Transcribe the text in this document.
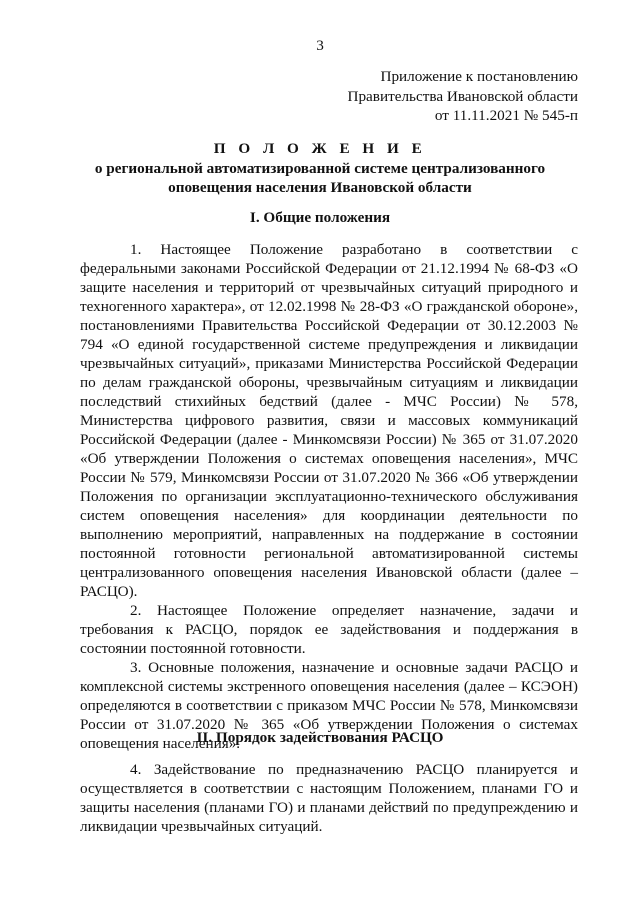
3
Приложение к постановлению
Правительства Ивановской области
от 11.11.2021 № 545-п
П О Л О Ж Е Н И Е
о региональной автоматизированной системе централизованного
оповещения населения Ивановской области
I. Общие положения

1. Настоящее Положение разработано в соответствии с федеральными законами Российской Федерации от 21.12.1994 № 68-ФЗ «О защите населения и территорий от чрезвычайных ситуаций природного и техногенного характера», от 12.02.1998 № 28-ФЗ «О гражданской обороне», постановлениями Правительства Российской Федерации от 30.12.2003 № 794 «О единой государственной системе предупреждения и ликвидации чрезвычайных ситуаций», приказами Министерства Российской Федерации по делам гражданской обороны, чрезвычайным ситуациям и ликвидации последствий стихийных бедствий (далее - МЧС России) № 578, Министерства цифрового развития, связи и массовых коммуникаций Российской Федерации (далее - Минкомсвязи России) № 365 от 31.07.2020 «Об утверждении Положения о системах оповещения населения», МЧС России № 579, Минкомсвязи России от 31.07.2020 № 366 «Об утверждении Положения по организации эксплуатационно-технического обслуживания систем оповещения населения» для координации деятельности по выполнению мероприятий, направленных на поддержание в состоянии постоянной готовности региональной автоматизированной системы централизованного оповещения населения Ивановской области (далее – РАСЦО).

2. Настоящее Положение определяет назначение, задачи и требования к РАСЦО, порядок ее задействования и поддержания в состоянии постоянной готовности.

3. Основные положения, назначение и основные задачи РАСЦО и комплексной системы экстренного оповещения населения (далее – КСЭОН) определяются в соответствии с приказом МЧС России № 578, Минкомсвязи России от 31.07.2020 № 365 «Об утверждении Положения о системах оповещения населения».

II. Порядок задействования РАСЦО

4. Задействование по предназначению РАСЦО планируется и осуществляется в соответствии с настоящим Положением, планами ГО и защиты населения (планами ГО) и планами действий по предупреждению и ликвидации чрезвычайных ситуаций.
